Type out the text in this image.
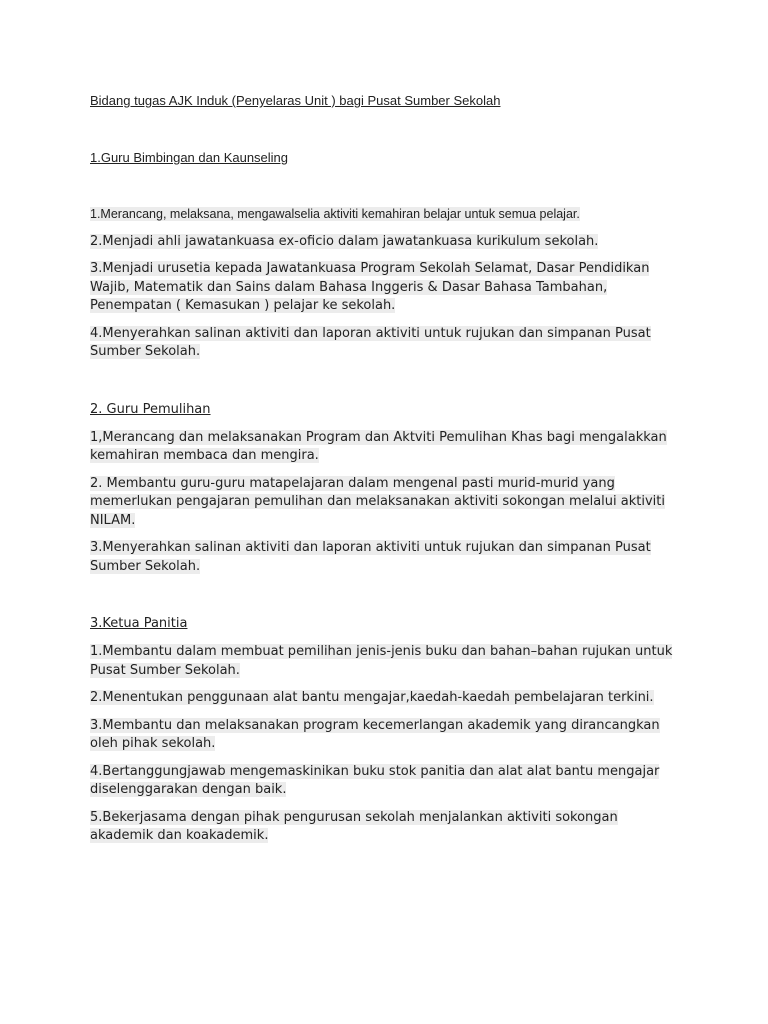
Bidang tugas AJK Induk (Penyelaras Unit ) bagi Pusat Sumber Sekolah

1.Guru Bimbingan dan Kaunseling

1.Merancang, melaksana, mengawalselia aktiviti kemahiran belajar untuk semua pelajar.

2.Menjadi ahli jawatankuasa ex-oficio dalam jawatankuasa kurikulum sekolah.

3.Menjadi urusetia kepada Jawatankuasa Program Sekolah Selamat, Dasar Pendidikan Wajib, Matematik dan Sains dalam Bahasa Inggeris & Dasar Bahasa Tambahan, Penempatan ( Kemasukan ) pelajar ke sekolah.

4.Menyerahkan salinan aktiviti dan laporan aktiviti untuk rujukan dan simpanan Pusat Sumber Sekolah.

2. Guru Pemulihan

1,Merancang dan melaksanakan Program dan Aktviti Pemulihan Khas bagi mengalakkan kemahiran membaca dan mengira.

2. Membantu guru-guru matapelajaran dalam mengenal pasti murid-murid yang memerlukan pengajaran pemulihan dan melaksanakan aktiviti sokongan melalui aktiviti NILAM.

3.Menyerahkan salinan aktiviti dan laporan aktiviti untuk rujukan dan simpanan Pusat Sumber Sekolah.

3.Ketua Panitia

1.Membantu dalam membuat pemilihan jenis-jenis buku dan bahan–bahan rujukan untuk Pusat Sumber Sekolah.

2.Menentukan penggunaan alat bantu mengajar,kaedah-kaedah pembelajaran terkini.

3.Membantu dan melaksanakan program kecemerlangan akademik yang dirancangkan oleh pihak sekolah.

4.Bertanggungjawab mengemaskinikan buku stok panitia dan alat alat bantu mengajar diselenggarakan dengan baik.

5.Bekerjasama dengan pihak pengurusan sekolah menjalankan aktiviti sokongan akademik dan koakademik.
